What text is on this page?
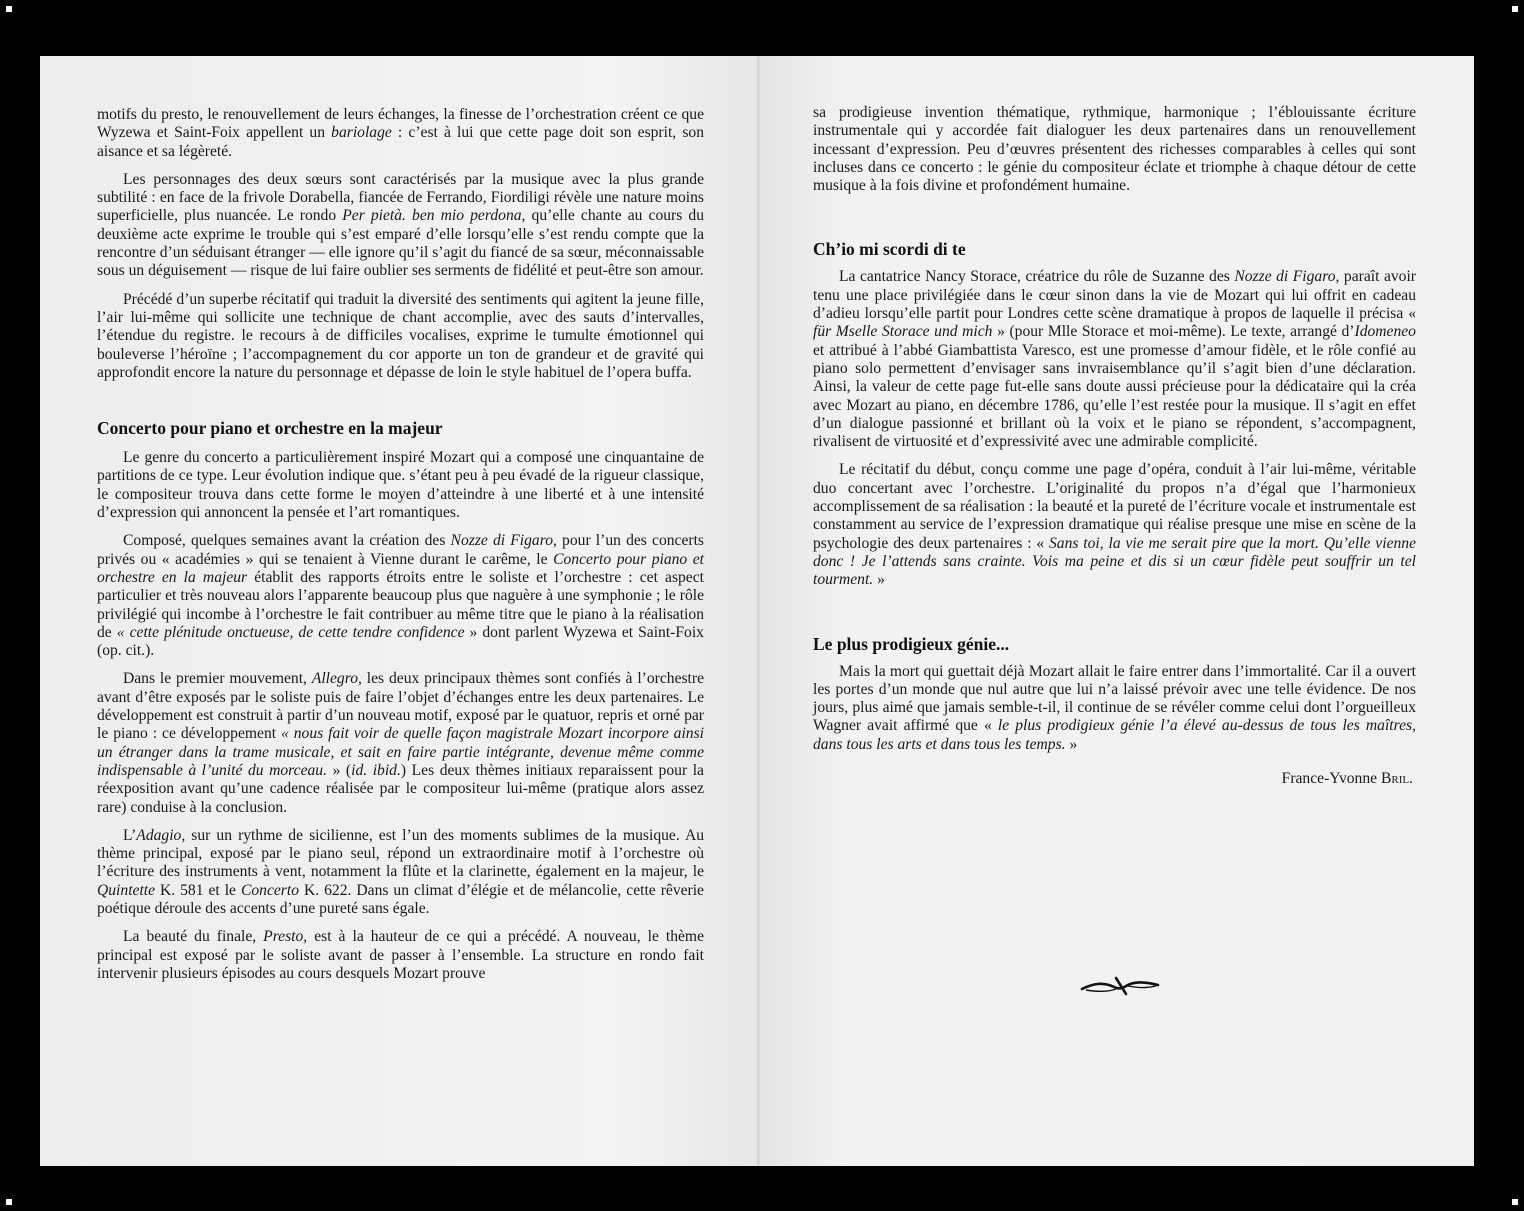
motifs du presto, le renouvellement de leurs échanges, la finesse de l’orchestration créent ce que Wyzewa et Saint-Foix appellent un bariolage : c’est à lui que cette page doit son esprit, son aisance et sa légèreté.

Les personnages des deux sœurs sont caractérisés par la musique avec la plus grande subtilité : en face de la frivole Dorabella, fiancée de Ferrando, Fiordiligi révèle une nature moins superficielle, plus nuancée. Le rondo Per pietà. ben mio perdona, qu’elle chante au cours du deuxième acte exprime le trouble qui s’est emparé d’elle lorsqu’elle s’est rendu compte que la rencontre d’un séduisant étranger — elle ignore qu’il s’agit du fiancé de sa sœur, méconnaissable sous un déguisement — risque de lui faire oublier ses serments de fidélité et peut-être son amour.

Précédé d’un superbe récitatif qui traduit la diversité des sentiments qui agitent la jeune fille, l’air lui-même qui sollicite une technique de chant accomplie, avec des sauts d’intervalles, l’étendue du registre. le recours à de difficiles vocalises, exprime le tumulte émotionnel qui bouleverse l’héroïne ; l’accompagnement du cor apporte un ton de grandeur et de gravité qui approfondit encore la nature du personnage et dépasse de loin le style habituel de l’opera buffa.

Concerto pour piano et orchestre en la majeur

Le genre du concerto a particulièrement inspiré Mozart qui a composé une cinquantaine de partitions de ce type. Leur évolution indique que. s’étant peu à peu évadé de la rigueur classique, le compositeur trouva dans cette forme le moyen d’atteindre à une liberté et à une intensité d’expression qui annoncent la pensée et l’art romantiques.

Composé, quelques semaines avant la création des Nozze di Figaro, pour l’un des concerts privés ou « académies » qui se tenaient à Vienne durant le carême, le Concerto pour piano et orchestre en la majeur établit des rapports étroits entre le soliste et l’orchestre : cet aspect particulier et très nouveau alors l’apparente beaucoup plus que naguère à une symphonie ; le rôle privilégié qui incombe à l’orchestre le fait contribuer au même titre que le piano à la réalisation de « cette plénitude onctueuse, de cette tendre confidence » dont parlent Wyzewa et Saint-Foix (op. cit.).

Dans le premier mouvement, Allegro, les deux principaux thèmes sont confiés à l’orchestre avant d’être exposés par le soliste puis de faire l’objet d’échanges entre les deux partenaires. Le développement est construit à partir d’un nouveau motif, exposé par le quatuor, repris et orné par le piano : ce développement « nous fait voir de quelle façon magistrale Mozart incorpore ainsi un étranger dans la trame musicale, et sait en faire partie intégrante, devenue même comme indispensable à l’unité du morceau. » (id. ibid.) Les deux thèmes initiaux reparaissent pour la réexposition avant qu’une cadence réalisée par le compositeur lui-même (pratique alors assez rare) conduise à la conclusion.

L’Adagio, sur un rythme de sicilienne, est l’un des moments sublimes de la musique. Au thème principal, exposé par le piano seul, répond un extraordinaire motif à l’orchestre où l’écriture des instruments à vent, notamment la flûte et la clarinette, également en la majeur, le Quintette K. 581 et le Concerto K. 622. Dans un climat d’élégie et de mélancolie, cette rêverie poétique déroule des accents d’une pureté sans égale.

La beauté du finale, Presto, est à la hauteur de ce qui a précédé. A nouveau, le thème principal est exposé par le soliste avant de passer à l’ensemble. La structure en rondo fait intervenir plusieurs épisodes au cours desquels Mozart prouve

sa prodigieuse invention thématique, rythmique, harmonique ; l’éblouissante écriture instrumentale qui y accordée fait dialoguer les deux partenaires dans un renouvellement incessant d’expression. Peu d’œuvres présentent des richesses comparables à celles qui sont incluses dans ce concerto : le génie du compositeur éclate et triomphe à chaque détour de cette musique à la fois divine et profondément humaine.

Ch’io mi scordi di te

La cantatrice Nancy Storace, créatrice du rôle de Suzanne des Nozze di Figaro, paraît avoir tenu une place privilégiée dans le cœur sinon dans la vie de Mozart qui lui offrit en cadeau d’adieu lorsqu’elle partit pour Londres cette scène dramatique à propos de laquelle il précisa « für Mselle Storace und mich » (pour Mlle Storace et moi-même). Le texte, arrangé d’Idomeneo et attribué à l’abbé Giambattista Varesco, est une promesse d’amour fidèle, et le rôle confié au piano solo permettent d’envisager sans invraisemblance qu’il s’agit bien d’une déclaration. Ainsi, la valeur de cette page fut-elle sans doute aussi précieuse pour la dédicataire qui la créa avec Mozart au piano, en décembre 1786, qu’elle l’est restée pour la musique. Il s’agit en effet d’un dialogue passionné et brillant où la voix et le piano se répondent, s’accompagnent, rivalisent de virtuosité et d’expressivité avec une admirable complicité.

Le récitatif du début, conçu comme une page d’opéra, conduit à l’air lui-même, véritable duo concertant avec l’orchestre. L’originalité du propos n’a d’égal que l’harmonieux accomplissement de sa réalisation : la beauté et la pureté de l’écriture vocale et instrumentale est constamment au service de l’expression dramatique qui réalise presque une mise en scène de la psychologie des deux partenaires : « Sans toi, la vie me serait pire que la mort. Qu’elle vienne donc ! Je l’attends sans crainte. Vois ma peine et dis si un cœur fidèle peut souffrir un tel tourment. »

Le plus prodigieux génie...

Mais la mort qui guettait déjà Mozart allait le faire entrer dans l’immortalité. Car il a ouvert les portes d’un monde que nul autre que lui n’a laissé prévoir avec une telle évidence. De nos jours, plus aimé que jamais semble-t-il, il continue de se révéler comme celui dont l’orgueilleux Wagner avait affirmé que « le plus prodigieux génie l’a élevé au-dessus de tous les maîtres, dans tous les arts et dans tous les temps. »

France-Yvonne Bril.
